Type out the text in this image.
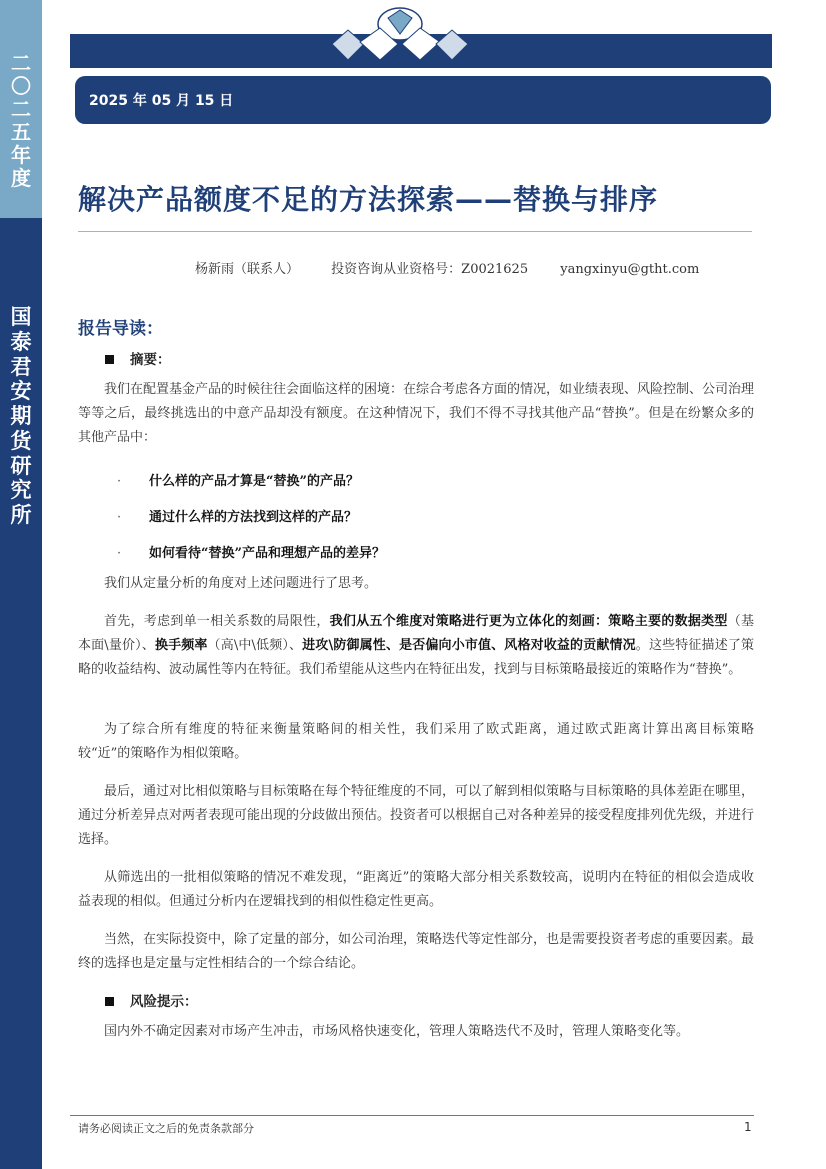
二
〇
二
五
年
度
国
泰
君
安
期
货
研
究
所
2025 年 05 月 15 日
解决产品额度不足的方法探索——替换与排序
杨新雨（联系人） 投资咨询从业资格号：Z0021625 yangxinyu@gtht.com
报告导读：
摘要：
我们在配置基金产品的时候往往会面临这样的困境：在综合考虑各方面的情况，如业绩表现、风险控制、公司治理等等之后，最终挑选出的中意产品却没有额度。在这种情况下，我们不得不寻找其他产品“替换”。但是在纷繁众多的其他产品中：
· 什么样的产品才算是“替换”的产品？
· 通过什么样的方法找到这样的产品？
· 如何看待“替换”产品和理想产品的差异？
我们从定量分析的角度对上述问题进行了思考。
首先，考虑到单一相关系数的局限性，我们从五个维度对策略进行更为立体化的刻画：策略主要的数据类型（基本面\量价）、换手频率（高\中\低频）、进攻\防御属性、是否偏向小市值、风格对收益的贡献情况。这些特征描述了策略的收益结构、波动属性等内在特征。我们希望能从这些内在特征出发，找到与目标策略最接近的策略作为“替换”。
为了综合所有维度的特征来衡量策略间的相关性，我们采用了欧式距离，通过欧式距离计算出离目标策略较“近”的策略作为相似策略。
最后，通过对比相似策略与目标策略在每个特征维度的不同，可以了解到相似策略与目标策略的具体差距在哪里，通过分析差异点对两者表现可能出现的分歧做出预估。投资者可以根据自己对各种差异的接受程度排列优先级，并进行选择。
从筛选出的一批相似策略的情况不难发现，“距离近”的策略大部分相关系数较高，说明内在特征的相似会造成收益表现的相似。但通过分析内在逻辑找到的相似性稳定性更高。
当然，在实际投资中，除了定量的部分，如公司治理，策略迭代等定性部分，也是需要投资者考虑的重要因素。最终的选择也是定量与定性相结合的一个综合结论。
风险提示：
国内外不确定因素对市场产生冲击，市场风格快速变化，管理人策略迭代不及时，管理人策略变化等。
请务必阅读正文之后的免责条款部分	1
